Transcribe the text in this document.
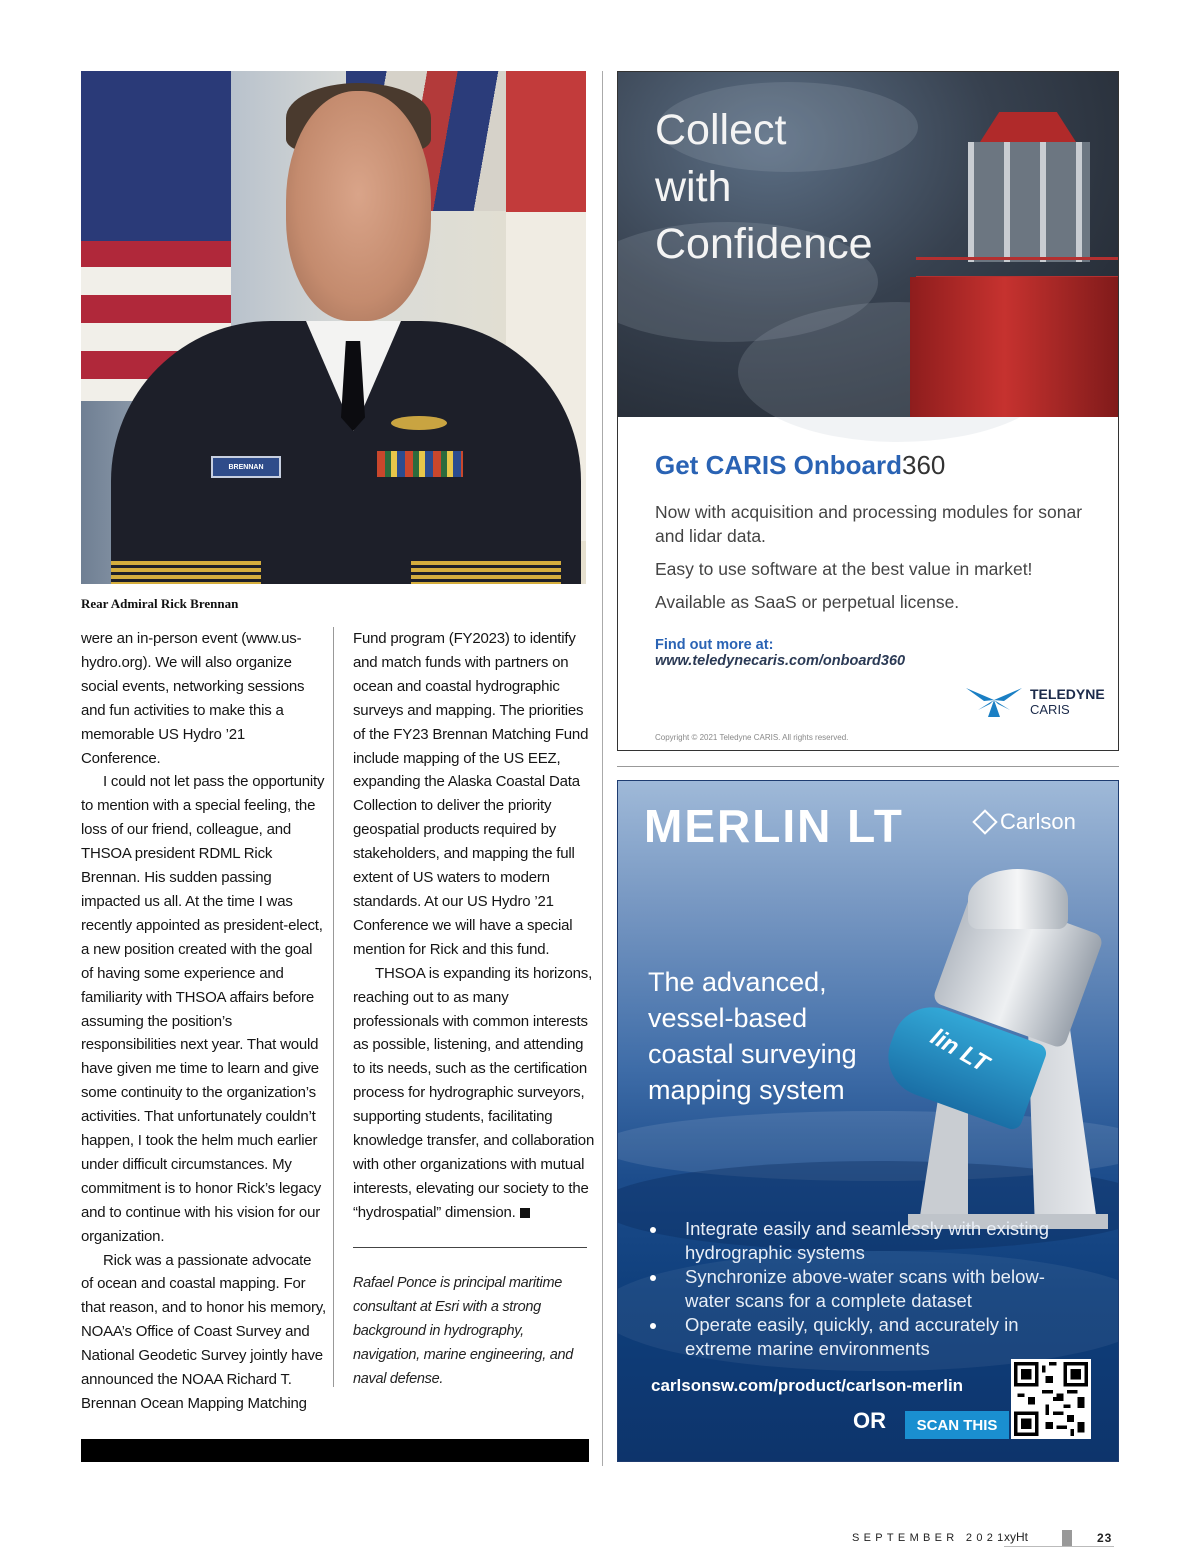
BRENNAN
Rear Admiral Rick Brennan

were an in-person event (www.us-hydro.org). We will also organize social events, networking sessions and fun activities to make this a memorable US Hydro ’21 Conference.

I could not let pass the opportunity to mention with a special feeling, the loss of our friend, colleague, and THSOA president RDML Rick Brennan. His sudden passing impacted us all. At the time I was recently appointed as president-elect, a new position created with the goal of having some experience and familiarity with THSOA affairs before assuming the position’s responsibilities next year. That would have given me time to learn and give some continuity to the organization’s activities. That unfortunately couldn’t happen, I took the helm much earlier under difficult circumstances. My commitment is to honor Rick’s legacy and to continue with his vision for our organization.

Rick was a passionate advocate of ocean and coastal mapping. For that reason, and to honor his memory, NOAA’s Office of Coast Survey and National Geodetic Survey jointly have announced the NOAA Richard T. Brennan Ocean Mapping Matching

Fund program (FY2023) to identify and match funds with partners on ocean and coastal hydrographic surveys and mapping. The priorities of the FY23 Brennan Matching Fund include mapping of the US EEZ, expanding the Alaska Coastal Data Collection to deliver the priority geospatial products required by stakeholders, and mapping the full extent of US waters to modern standards. At our US Hydro ’21 Conference we will have a special mention for Rick and this fund.

THSOA is expanding its horizons, reaching out to as many professionals with common interests as possible, listening, and attending to its needs, such as the certification process for hydrographic surveyors, supporting students, facilitating knowledge transfer, and collaboration with other organizations with mutual interests, elevating our society to the “hydrospatial” dimension.

Rafael Ponce is principal maritime consultant at Esri with a strong background in hydrography, navigation, marine engineering, and naval defense.
Collect
with
Confidence
Get CARIS Onboard360

Now with acquisition and processing modules for sonar and lidar data.

Easy to use software at the best value in market!

Available as SaaS or perpetual license.

Find out more at:
www.teledynecaris.com/onboard360
TELEDYNE
CARIS
Copyright © 2021 Teledyne CARIS. All rights reserved.
MERLIN LT	Carlson
lin LT
The advanced,
vessel-based
coastal surveying
mapping system
Integrate easily and seamlessly with existing hydrographic systems
Synchronize above-water scans with below-water scans for a complete dataset
Operate easily, quickly, and accurately in extreme marine environments
carlsonsw.com/product/carlson-merlin
OR	SCAN THIS
SEPTEMBER 2021
xyHt	23
